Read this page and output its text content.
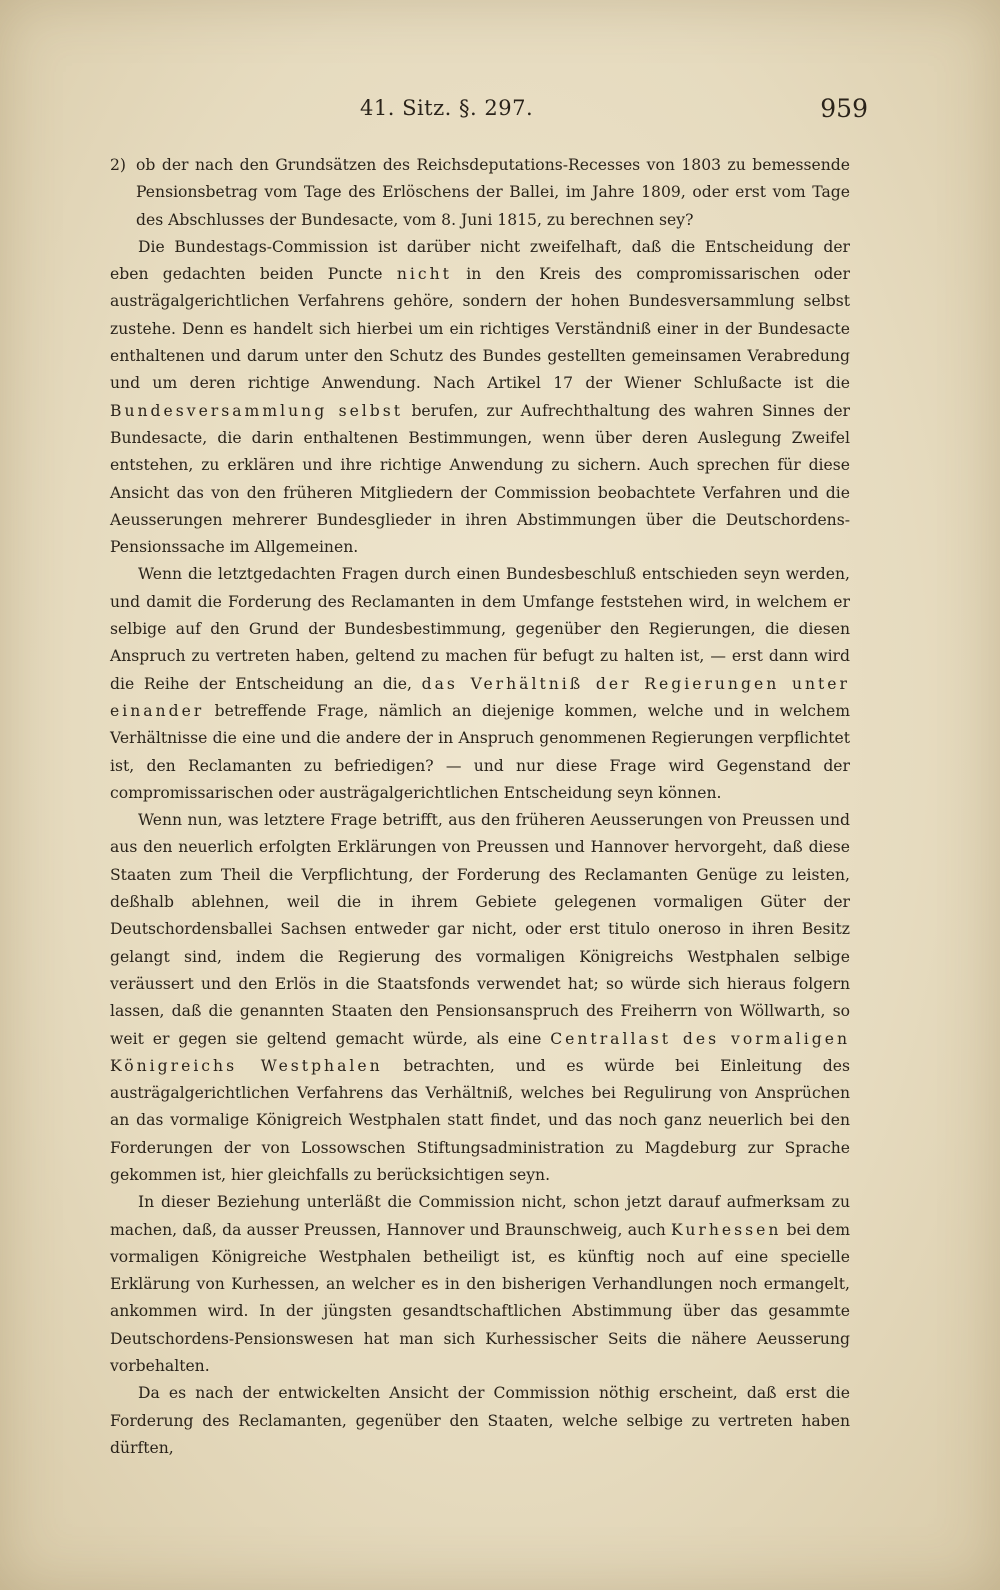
41. Sitz. §. 297.	959

2) ob der nach den Grundsätzen des Reichsdeputations-Recesses von 1803 zu bemessende Pensionsbetrag vom Tage des Erlöschens der Ballei, im Jahre 1809, oder erst vom Tage des Abschlusses der Bundesacte, vom 8. Juni 1815, zu berechnen sey?

Die Bundestags-Commission ist darüber nicht zweifelhaft, daß die Entscheidung der eben gedachten beiden Puncte nicht in den Kreis des compromissarischen oder austrägalgerichtlichen Verfahrens gehöre, sondern der hohen Bundesversammlung selbst zustehe. Denn es handelt sich hierbei um ein richtiges Verständniß einer in der Bundesacte enthaltenen und darum unter den Schutz des Bundes gestellten gemeinsamen Verabredung und um deren richtige Anwendung. Nach Artikel 17 der Wiener Schlußacte ist die Bundesversammlung selbst berufen, zur Aufrechthaltung des wahren Sinnes der Bundesacte, die darin enthaltenen Bestimmungen, wenn über deren Auslegung Zweifel entstehen, zu erklären und ihre richtige Anwendung zu sichern. Auch sprechen für diese Ansicht das von den früheren Mitgliedern der Commission beobachtete Verfahren und die Aeusserungen mehrerer Bundesglieder in ihren Abstimmungen über die Deutschordens-Pensionssache im Allgemeinen.

Wenn die letztgedachten Fragen durch einen Bundesbeschluß entschieden seyn werden, und damit die Forderung des Reclamanten in dem Umfange feststehen wird, in welchem er selbige auf den Grund der Bundesbestimmung, gegenüber den Regierungen, die diesen Anspruch zu vertreten haben, geltend zu machen für befugt zu halten ist, — erst dann wird die Reihe der Entscheidung an die, das Verhältniß der Regierungen unter einander betreffende Frage, nämlich an diejenige kommen, welche und in welchem Verhältnisse die eine und die andere der in Anspruch genommenen Regierungen verpflichtet ist, den Reclamanten zu befriedigen? — und nur diese Frage wird Gegenstand der compromissarischen oder austrägalgerichtlichen Entscheidung seyn können.

Wenn nun, was letztere Frage betrifft, aus den früheren Aeusserungen von Preussen und aus den neuerlich erfolgten Erklärungen von Preussen und Hannover hervorgeht, daß diese Staaten zum Theil die Verpflichtung, der Forderung des Reclamanten Genüge zu leisten, deßhalb ablehnen, weil die in ihrem Gebiete gelegenen vormaligen Güter der Deutschordensballei Sachsen entweder gar nicht, oder erst titulo oneroso in ihren Besitz gelangt sind, indem die Regierung des vormaligen Königreichs Westphalen selbige veräussert und den Erlös in die Staatsfonds verwendet hat; so würde sich hieraus folgern lassen, daß die genannten Staaten den Pensionsanspruch des Freiherrn von Wöllwarth, so weit er gegen sie geltend gemacht würde, als eine Centrallast des vormaligen Königreichs Westphalen betrachten, und es würde bei Einleitung des austrägalgerichtlichen Verfahrens das Verhältniß, welches bei Regulirung von Ansprüchen an das vormalige Königreich Westphalen statt findet, und das noch ganz neuerlich bei den Forderungen der von Lossowschen Stiftungsadministration zu Magdeburg zur Sprache gekommen ist, hier gleichfalls zu berücksichtigen seyn.

In dieser Beziehung unterläßt die Commission nicht, schon jetzt darauf aufmerksam zu machen, daß, da ausser Preussen, Hannover und Braunschweig, auch Kurhessen bei dem vormaligen Königreiche Westphalen betheiligt ist, es künftig noch auf eine specielle Erklärung von Kurhessen, an welcher es in den bisherigen Verhandlungen noch ermangelt, ankommen wird. In der jüngsten gesandtschaftlichen Abstimmung über das gesammte Deutschordens-Pensionswesen hat man sich Kurhessischer Seits die nähere Aeusserung vorbehalten.

Da es nach der entwickelten Ansicht der Commission nöthig erscheint, daß erst die Forderung des Reclamanten, gegenüber den Staaten, welche selbige zu vertreten haben dürften,
